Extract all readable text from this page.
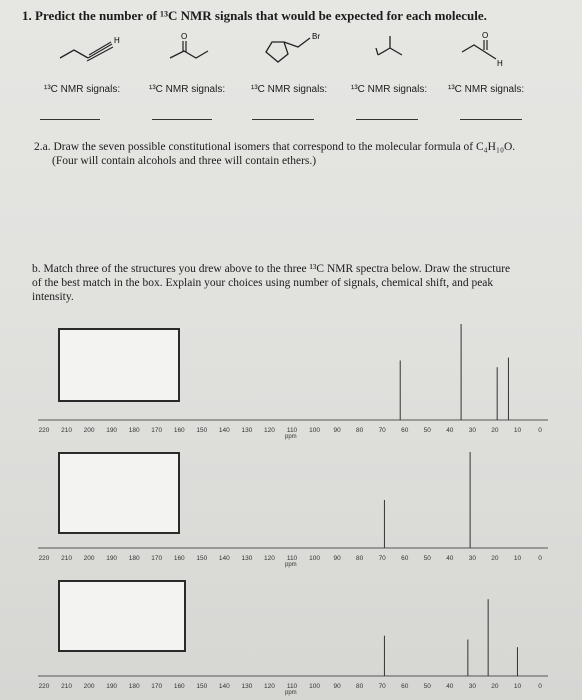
1. Predict the number of ¹³C NMR signals that would be expected for each molecule.
H	O	Br	O
H
¹³C NMR signals:	¹³C NMR signals:	¹³C NMR signals: ¹³C NMR signals: ¹³C NMR signals:
2.a. Draw the seven possible constitutional isomers that correspond to the molecular formula of C₄H₁₀O.
(Four will contain alcohols and three will contain ethers.)
b. Match three of the structures you drew above to the three ¹³C NMR spectra below. Draw the structure
of the best match in the box. Explain your choices using number of signals, chemical shift, and peak
intensity.
220 210 200 190 180 170 160 150 140 130 120 110 100 90 80 70 60 50 40 30 20 10	0
ppm
220 210 200 190 180 170 160 150 140 130 120 110 100 90 80 70 60 50 40 30 20 10	0
ppm
220 210 200 190 180 170 160 150 140 130 120 110 100 90 80 70 60 50 40 30 20 10	0
ppm
